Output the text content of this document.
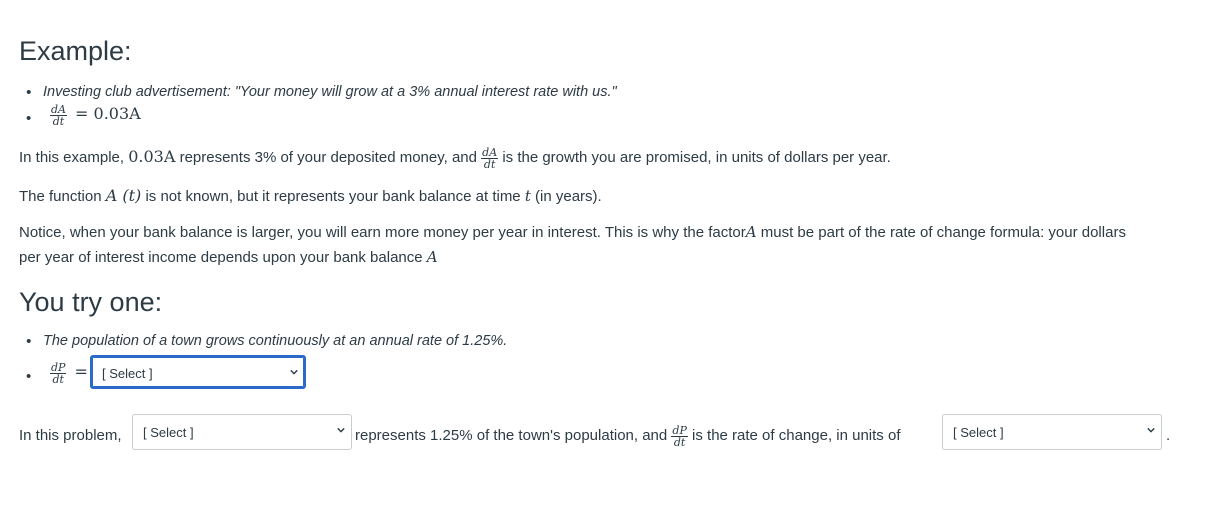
Example:
• Investing club advertisement: "Your money will grow at a 3% annual interest rate with us."
• $\frac{dA}{dt} = 0.03A$
In this example, 0.03A represents 3% of your deposited money, and $\frac{dA}{dt}$ is the growth you are promised, in units of dollars per year.
The function A (t) is not known, but it represents your bank balance at time t (in years).
Notice, when your bank balance is larger, you will earn more money per year in interest. This is why the factorA must be part of the rate of change formula: your dollars
per year of interest income depends upon your bank balance A
You try one:
• The population of a town grows continuously at an annual rate of 1.25%.
• $\frac{dP}{dt}$ = [ Select ]
In this problem, [ Select ]	represents 1.25% of the town's population, and $\frac{dP}{dt}$ is the rate of change, in units of	[ Select ]	.
